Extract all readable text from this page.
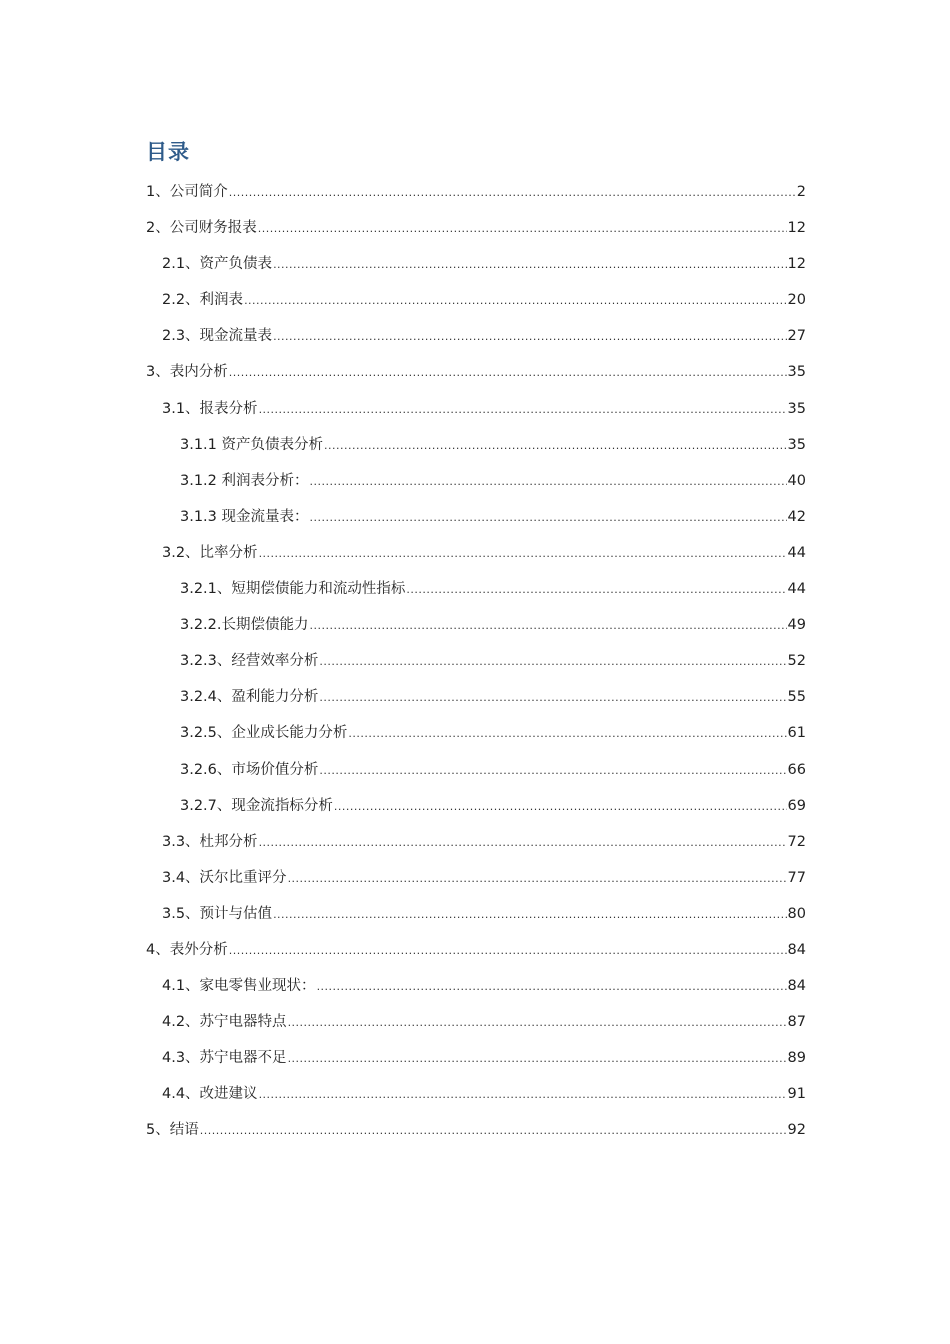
目录
1、公司简介 .....	2
2、公司财务报表 .....	12
2.1、资产负债表 .....	12
2.2、利润表 .....	20
2.3、现金流量表 .....	27
3、表内分析 .....	35
3.1、报表分析 .....	35
3.1.1 资产负债表分析 .....	35
3.1.2 利润表分析： .....	40
3.1.3 现金流量表： .....	42
3.2、比率分析 .....	44
3.2.1、短期偿债能力和流动性指标 .....	44
3.2.2.长期偿债能力 .....	49
3.2.3、经营效率分析 .....	52
3.2.4、盈利能力分析 .....	55
3.2.5、企业成长能力分析 .....	61
3.2.6、市场价值分析 .....	66
3.2.7、现金流指标分析 .....	69
3.3、杜邦分析 .....	72
3.4、沃尔比重评分 .....	77
3.5、预计与估值 .....	80
4、表外分析 .....	84
4.1、家电零售业现状： .....	84
4.2、苏宁电器特点 .....	87
4.3、苏宁电器不足 .....	89
4.4、改进建议 .....	91
5、结语 .....	92
